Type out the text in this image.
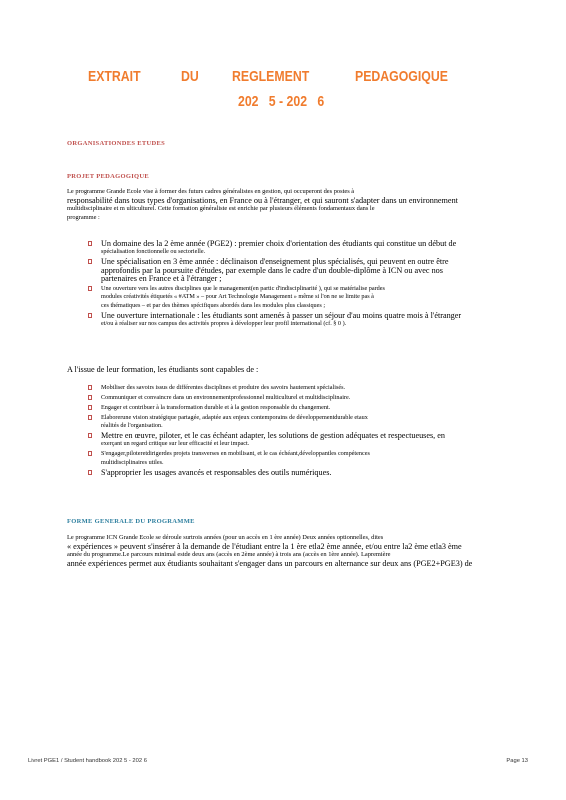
EXTRAIT	DU REGLEMENT	PEDAGOGIQUE
202   5 - 202   6
ORGANISATIONDES ETUDES
PROJET PEDAGOGIQUE
Le programme Grande Ecole vise à former des futurs cadres généralistes en gestion, qui occuperont des postes à
responsabilité dans tous types d'organisations, en France ou à l'étranger, et qui sauront s'adapter dans un environnement
multidisciplinaire et m ulticulturel. Cette formation généraliste est enrichie par plusieurs éléments fondamentaux dans le
programme :
Un domaine des la 2 ème année (PGE2) : premier choix d'orientation des étudiants qui constitue un début de
spécialisation fonctionnelle ou sectorielle.
Une spécialisation en 3 ème année : déclinaison d'enseignement plus spécialisés, qui peuvent en outre être
approfondis par la poursuite d'études, par exemple dans le cadre d'un double-diplôme à ICN ou avec nos
partenaires en France et à l'étranger ;
Une ouverture vers les autres disciplines que le management(en partic d'indisciplinarité ), qui se matérialise pardes
modules créativités étiquetés « #ATM » – pour Art Technologie Management » même si l'on ne se limite pas à
ces thématiques – et par des thèmes spécifiques abordés dans les modules plus classiques ;
Une ouverture internationale : les étudiants sont amenés à passer un séjour d'au moins quatre mois à l'étranger
et/ou à réaliser sur nos campus des activités propres à développer leur profil international (cf. § 0 ).
A l'issue de leur formation, les étudiants sont capables de :
Mobiliser des savoirs issus de différentes disciplines et produire des savoirs hautement spécialisés.
Communiquer et convaincre dans un environnementprofessionnel multiculturel et multidisciplinaire.
Engager et contribuer à la transformation durable et à la gestion responsable du changement.
Elaborerune vision stratégique partagée, adaptée aux enjeux contemporains de développementdurable etaux
réalités de l'organisation.
Mettre en œuvre, piloter, et le cas échéant adapter, les solutions de gestion adéquates et respectueuses, en
exerçant un regard critique sur leur efficacité et leur impact.
S'engager,piloteretdirigerdes projets transverses en mobilisant, et le cas échéant,développantles compétences
multidisciplinaires utiles.
S'approprier les usages avancés et responsables des outils numériques.
FORME GENERALE DU PROGRAMME
Le programme ICN Grande Ecole se déroule surtrois années (pour un accès en 1 ère année) Deux années optionnelles, dites
« expériences » peuvent s'insérer à la demande de l'étudiant entre la 1 ère etla2 ème année, et/ou entre la2 ème etla3 ème
année du programme.Le parcours minimal estde deux ans (accès en 2ème année) à trois ans (accès en 1ère année). Lapremière
année expériences permet aux étudiants souhaitant s'engager dans un parcours en alternance sur deux ans (PGE2+PGE3) de
Livret PGE1 / Student handbook 202 5 - 202 6	Page 13
